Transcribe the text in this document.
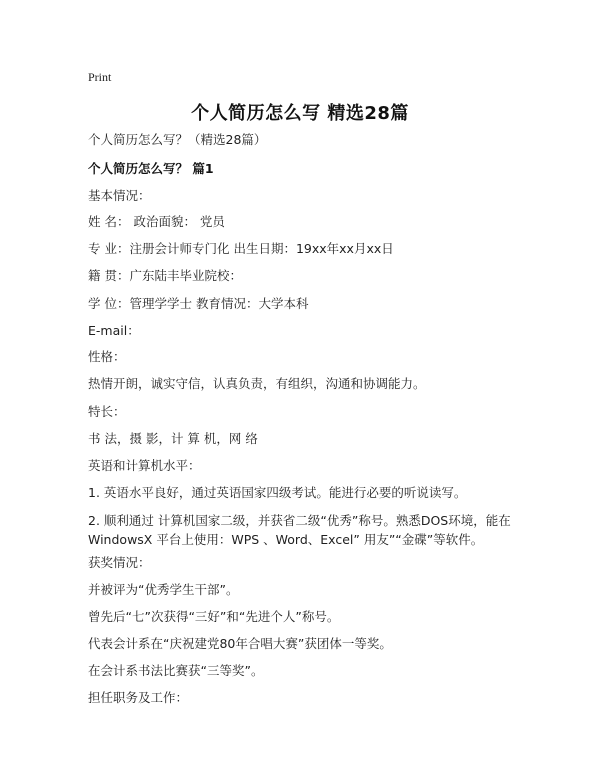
Print
个人简历怎么写 精选28篇
个人简历怎么写？（精选28篇）
个人简历怎么写？ 篇1
基本情况：
姓 名： 政治面貌： 党员
专 业：注册会计师专门化 出生日期：19xx年xx月xx日
籍 贯：广东陆丰毕业院校：
学 位：管理学学士 教育情况：大学本科
E-mail：
性格：
热情开朗，诚实守信，认真负责，有组织，沟通和协调能力。
特长：
书 法，摄 影，计 算 机，网 络
英语和计算机水平：
1. 英语水平良好，通过英语国家四级考试。能进行必要的听说读写。
2. 顺利通过 计算机国家二级，并获省二级“优秀”称号。熟悉DOS环境，能在WindowsX 平台上使用：WPS 、Word、Excel” 用友”“金碟”等软件。
获奖情况：
并被评为“优秀学生干部”。
曾先后“七”次获得“三好”和“先进个人”称号。
代表会计系在“庆祝建党80年合唱大赛”获团体一等奖。
在会计系书法比赛获“三等奖”。
担任职务及工作：
